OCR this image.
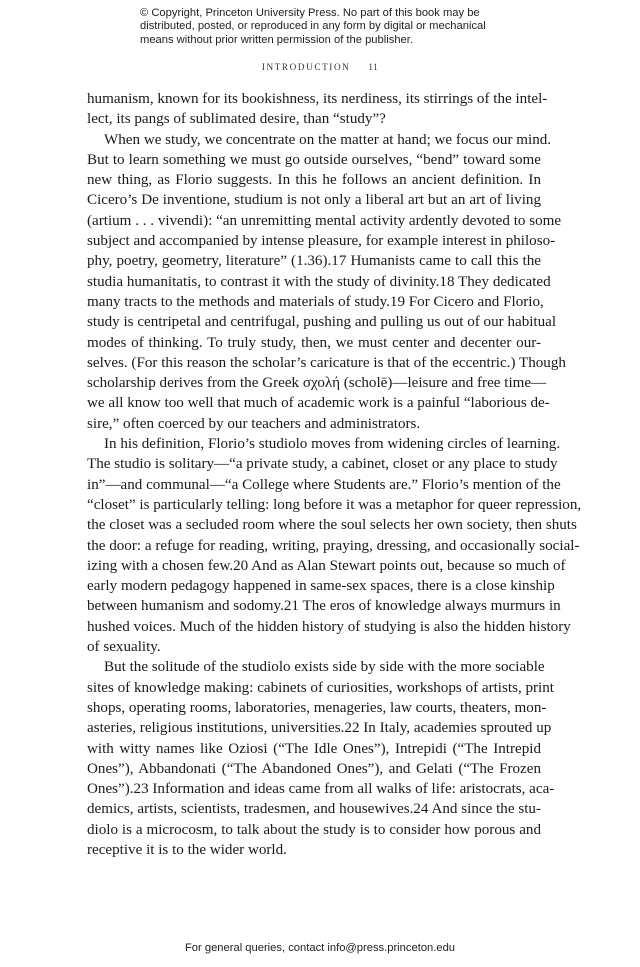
© Copyright, Princeton University Press. No part of this book may be
distributed, posted, or reproduced in any form by digital or mechanical
means without prior written permission of the publisher.
INTRODUCTION 11
humanism, known for its bookishness, its nerdiness, its stirrings of the intel-
lect, its pangs of sublimated desire, than “study”?
When we study, we concentrate on the matter at hand; we focus our mind.
But to learn something we must go outside ourselves, “bend” toward some
new thing, as Florio suggests. In this he follows an ancient definition. In
Cicero’s De inventione, studium is not only a liberal art but an art of living
(artium . . . vivendi): “an unremitting mental activity ardently devoted to some
subject and accompanied by intense pleasure, for example interest in philoso-
phy, poetry, geometry, literature” (1.36).17 Humanists came to call this the
studia humanitatis, to contrast it with the study of divinity.18 They dedicated
many tracts to the methods and materials of study.19 For Cicero and Florio,
study is centripetal and centrifugal, pushing and pulling us out of our habitual
modes of thinking. To truly study, then, we must center and decenter our-
selves. (For this reason the scholar’s caricature is that of the eccentric.) Though
scholarship derives from the Greek σχολή (scholē)—leisure and free time—
we all know too well that much of academic work is a painful “laborious de-
sire,” often coerced by our teachers and administrators.
In his definition, Florio’s studiolo moves from widening circles of learning.
The studio is solitary—“a private study, a cabinet, closet or any place to study
in”—and communal—“a College where Students are.” Florio’s mention of the
“closet” is particularly telling: long before it was a metaphor for queer repression,
the closet was a secluded room where the soul selects her own society, then shuts
the door: a refuge for reading, writing, praying, dressing, and occasionally social-
izing with a chosen few.20 And as Alan Stewart points out, because so much of
early modern pedagogy happened in same-sex spaces, there is a close kinship
between humanism and sodomy.21 The eros of knowledge always murmurs in
hushed voices. Much of the hidden history of studying is also the hidden history
of sexuality.
But the solitude of the studiolo exists side by side with the more sociable
sites of knowledge making: cabinets of curiosities, workshops of artists, print
shops, operating rooms, laboratories, menageries, law courts, theaters, mon-
asteries, religious institutions, universities.22 In Italy, academies sprouted up
with witty names like Oziosi (“The Idle Ones”), Intrepidi (“The Intrepid
Ones”), Abbandonati (“The Abandoned Ones”), and Gelati (“The Frozen
Ones”).23 Information and ideas came from all walks of life: aristocrats, aca-
demics, artists, scientists, tradesmen, and housewives.24 And since the stu-
diolo is a microcosm, to talk about the study is to consider how porous and
receptive it is to the wider world.
For general queries, contact info@press.princeton.edu
